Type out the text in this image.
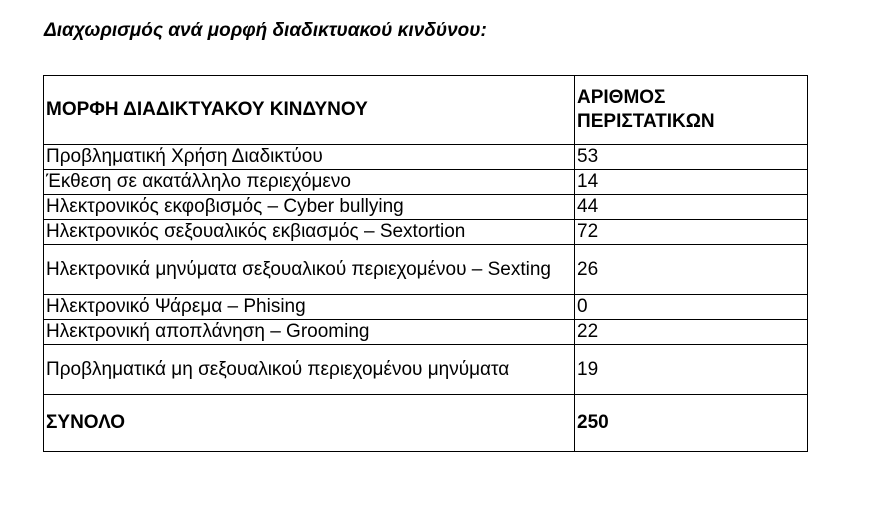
Διαχωρισμός ανά μορφή διαδικτυακού κινδύνου:
ΜΟΡΦΗ ΔΙΑΔΙΚΤΥΑΚΟΥ ΚΙΝΔΥΝΟΥ	ΑΡΙΘΜΟΣ ΠΕΡΙΣΤΑΤΙΚΩΝ
Προβληματική Χρήση Διαδικτύου	53
Έκθεση σε ακατάλληλο περιεχόμενο	14
Ηλεκτρονικός εκφοβισμός – Cyber bullying	44
Ηλεκτρονικός σεξουαλικός εκβιασμός – Sextortion	72
Ηλεκτρονικά μηνύματα σεξουαλικού περιεχομένου – Sexting	26
Ηλεκτρονικό Ψάρεμα – Phising	0
Ηλεκτρονική αποπλάνηση – Grooming	22
Προβληματικά μη σεξουαλικού περιεχομένου μηνύματα	19
ΣΥΝΟΛΟ	250
